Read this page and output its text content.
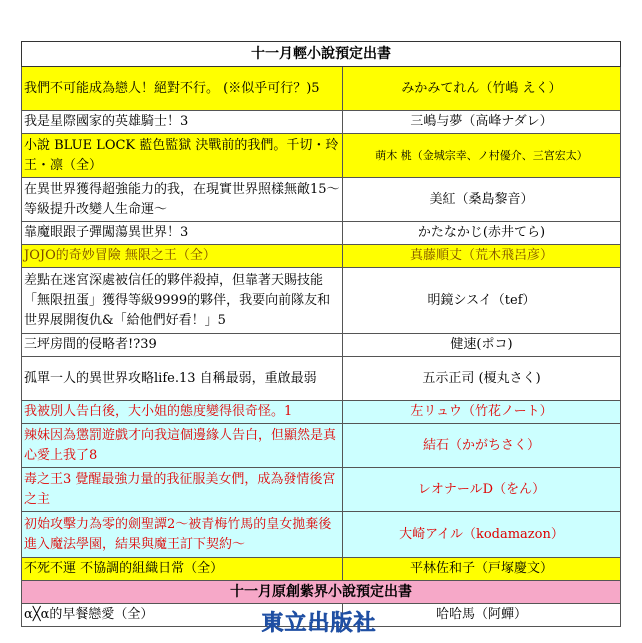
十一月輕小說預定出書	
我們不可能成為戀人！絕對不行。 (※似乎可行？)5	みかみてれん（竹嶋 えく）
我是星際國家的英雄騎士！3	三嶋与夢（高峰ナダレ）
小說 BLUE LOCK 藍色監獄 決戰前的我們。千切・玲王・凛（全）	萌木 桃（金城宗幸、ノ村優介、三宮宏太）
在異世界獲得超強能力的我，在現實世界照樣無敵15～等級提升改變人生命運～	美紅（桑島黎音）
靠魔眼跟子彈闖蕩異世界！3	かたなかじ(赤井てら)
JOJO的奇妙冒險 無限之王（全）	真藤順丈（荒木飛呂彦）
差點在迷宮深處被信任的夥伴殺掉，但靠著天賜技能「無限扭蛋」獲得等級9999的夥伴，我要向前隊友和世界展開復仇&「給他們好看！」5	明鏡シスイ（tef）
三坪房間的侵略者!?39	健速(ポコ)
孤單一人的異世界攻略life.13 自稱最弱，重啟最弱	五示正司 (榎丸さく)
我被別人告白後，大小姐的態度變得很奇怪。1	左リュウ（竹花ノート）
辣妹因為懲罰遊戲才向我這個邊緣人告白，但顯然是真心愛上我了8	結石（かがちさく）
毒之王3 覺醒最強力量的我征服美女們，成為發情後宮之主	レオナールD（をん）
初始攻擊力為零的劍聖譚2～被青梅竹馬的皇女拋棄後進入魔法學園，結果與魔王訂下契約～	大崎アイル（kodamazon）
不死不運 不協調的組織日常（全）	平林佐和子（戸塚慶文）
十一月原創紫界小說預定出書	
α╳α的早餐戀愛（全）	哈哈馬（阿蟬）
東立出版社
